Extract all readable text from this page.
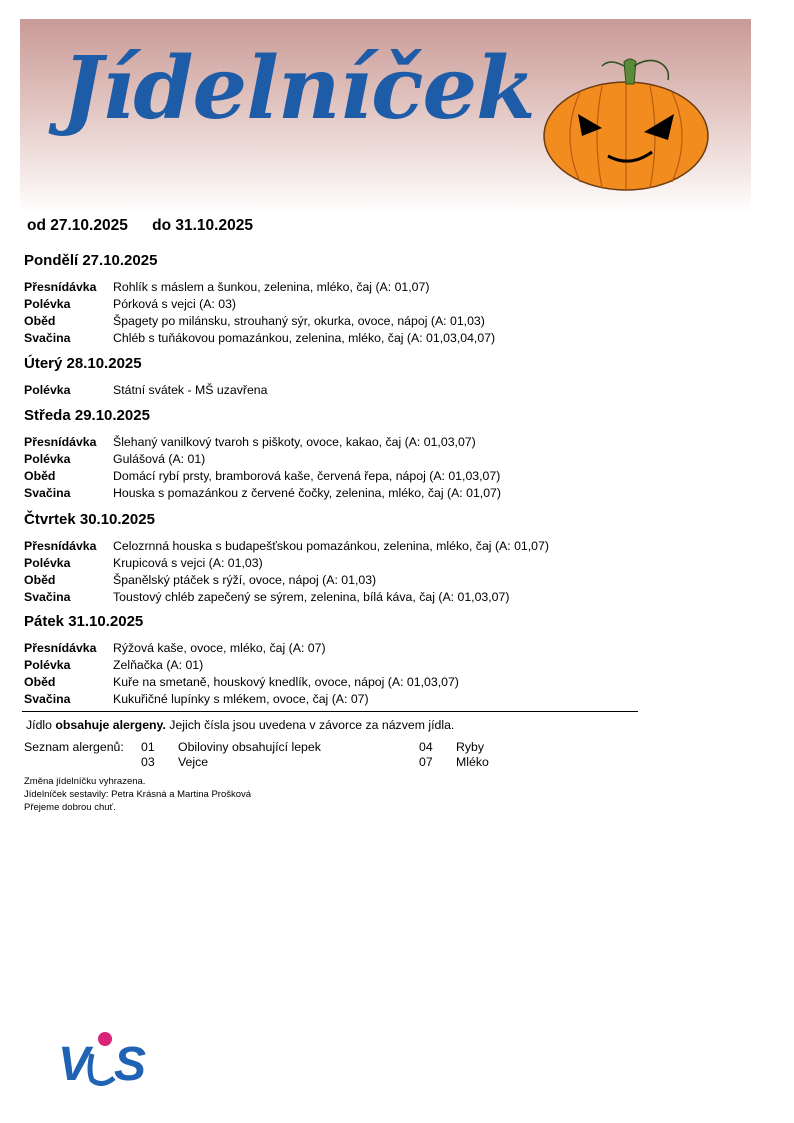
Jídelníček
od 27.10.2025 do 31.10.2025
Pondělí 27.10.2025
Přesnídávka Rohlík s máslem a šunkou, zelenina, mléko, čaj (A: 01,07)
Polévka	Pórková s vejci (A: 03)
Oběd	Špagety po milánsku, strouhaný sýr, okurka, ovoce, nápoj (A: 01,03)
Svačina	Chléb s tuňákovou pomazánkou, zelenina, mléko, čaj (A: 01,03,04,07)
Úterý 28.10.2025
Polévka	Státní svátek - MŠ uzavřena
Středa 29.10.2025
Přesnídávka Šlehaný vanilkový tvaroh s piškoty, ovoce, kakao, čaj (A: 01,03,07)
Polévka	Gulášová (A: 01)
Oběd	Domácí rybí prsty, bramborová kaše, červená řepa, nápoj (A: 01,03,07)
Svačina	Houska s pomazánkou z červené čočky, zelenina, mléko, čaj (A: 01,07)
Čtvrtek 30.10.2025
Přesnídávka Celozrnná houska s budapešťskou pomazánkou, zelenina, mléko, čaj (A: 01,07)
Polévka	Krupicová s vejci (A: 01,03)
Oběd	Španělský ptáček s rýží, ovoce, nápoj (A: 01,03)
Svačina	Toustový chléb zapečený se sýrem, zelenina, bílá káva, čaj (A: 01,03,07)
Pátek 31.10.2025
Přesnídávka Rýžová kaše, ovoce, mléko, čaj (A: 07)
Polévka	Zelňačka (A: 01)
Oběd	Kuře na smetaně, houskový knedlík, ovoce, nápoj (A: 01,03,07)
Svačina	Kukuřičné lupínky s mlékem, ovoce, čaj (A: 07)
Jídlo obsahuje alergeny. Jejich čísla jsou uvedena v závorce za názvem jídla.
Seznam alergenů: 01 Obiloviny obsahující lepek	04 Ryby
03 Vejce	07 Mléko
Změna jídelníčku vyhrazena.
Jídelníček sestavily: Petra Krásná a Martina Prošková
Přejeme dobrou chuť.
V S
